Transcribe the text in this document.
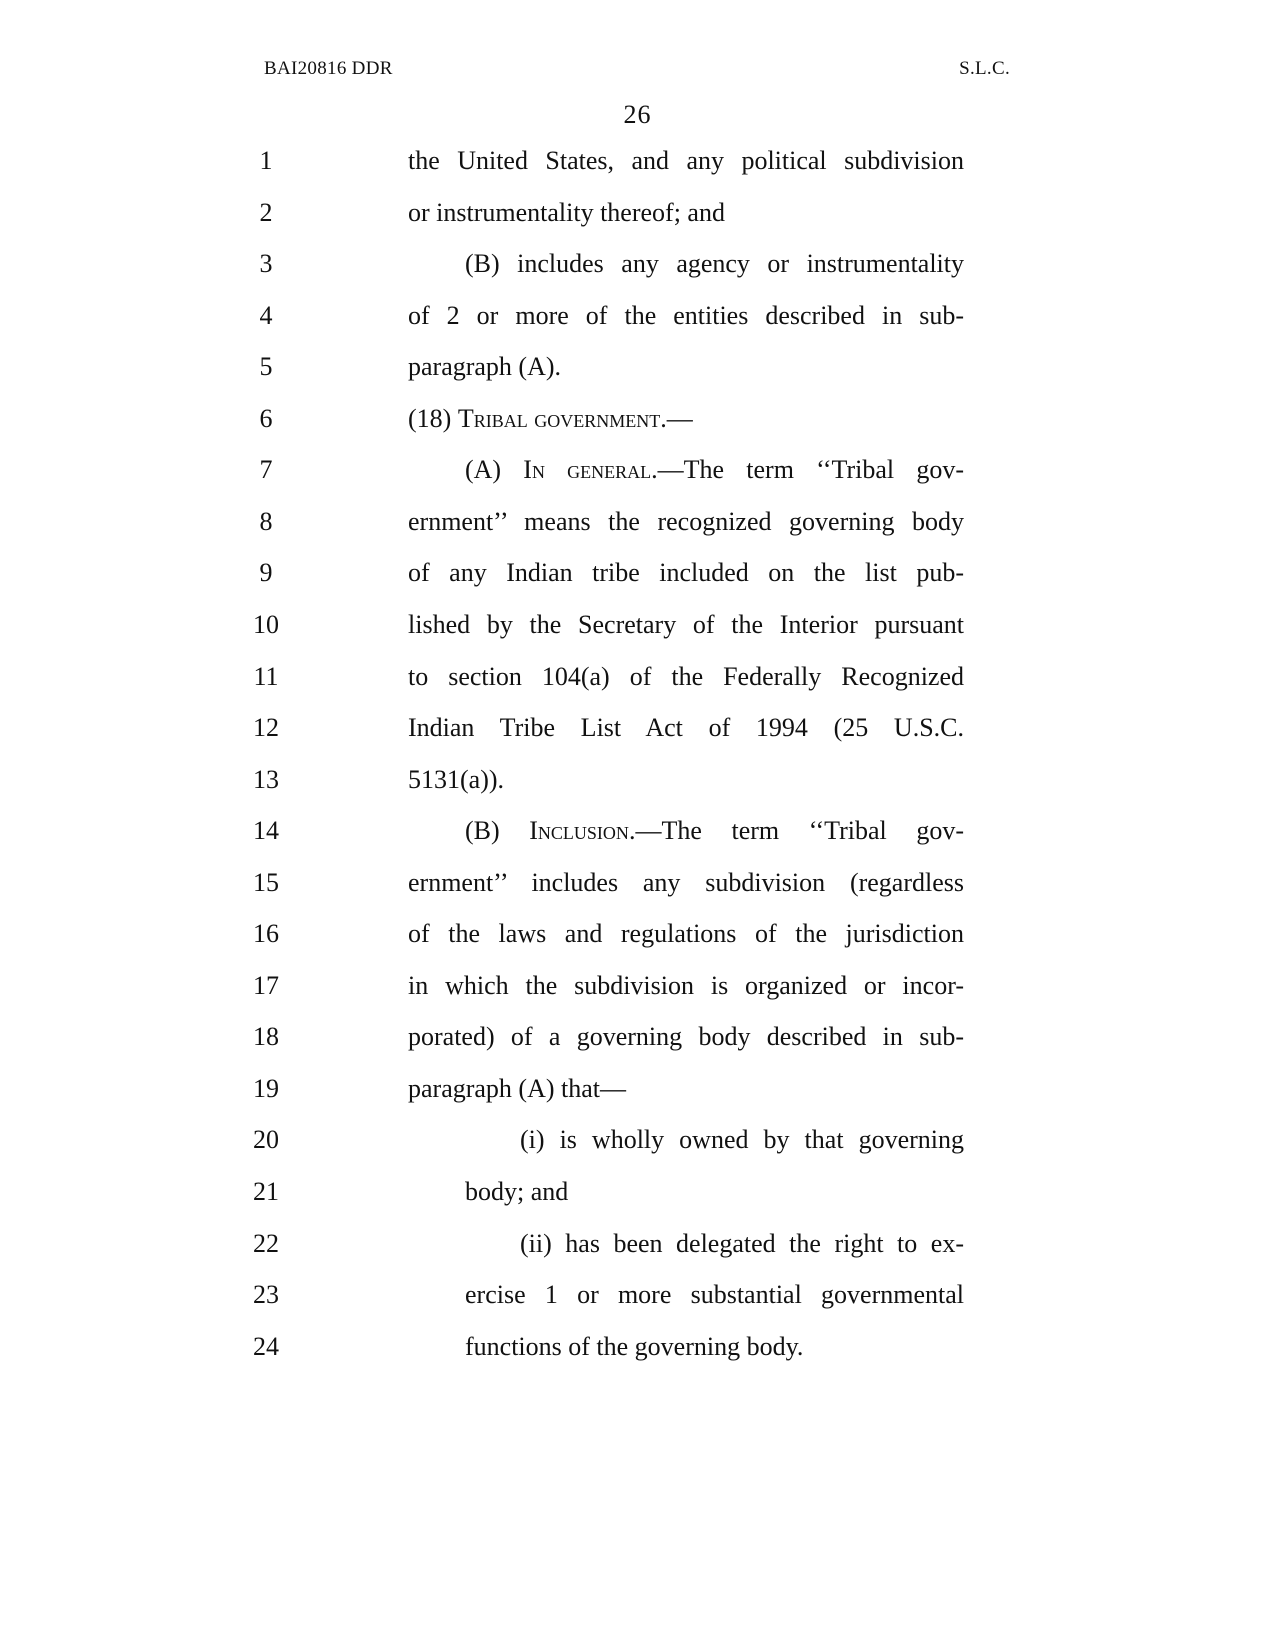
BAI20816 DDR	S.L.C.
26
1	the United States, and any political subdivision
2	or instrumentality thereof; and
3	(B) includes any agency or instrumentality
4	of 2 or more of the entities described in sub-
5	paragraph (A).
6	(18) Tribal government.—
7	(A) In general.—The term ‘‘Tribal gov-
8	ernment’’ means the recognized governing body
9	of any Indian tribe included on the list pub-
10	lished by the Secretary of the Interior pursuant
11	to section 104(a) of the Federally Recognized
12	Indian Tribe List Act of 1994 (25 U.S.C.
13	5131(a)).
14	(B) Inclusion.—The term ‘‘Tribal gov-
15	ernment’’ includes any subdivision (regardless
16	of the laws and regulations of the jurisdiction
17	in which the subdivision is organized or incor-
18	porated) of a governing body described in sub-
19	paragraph (A) that—
20	(i) is wholly owned by that governing
21	body; and
22	(ii) has been delegated the right to ex-
23	ercise 1 or more substantial governmental
24	functions of the governing body.
